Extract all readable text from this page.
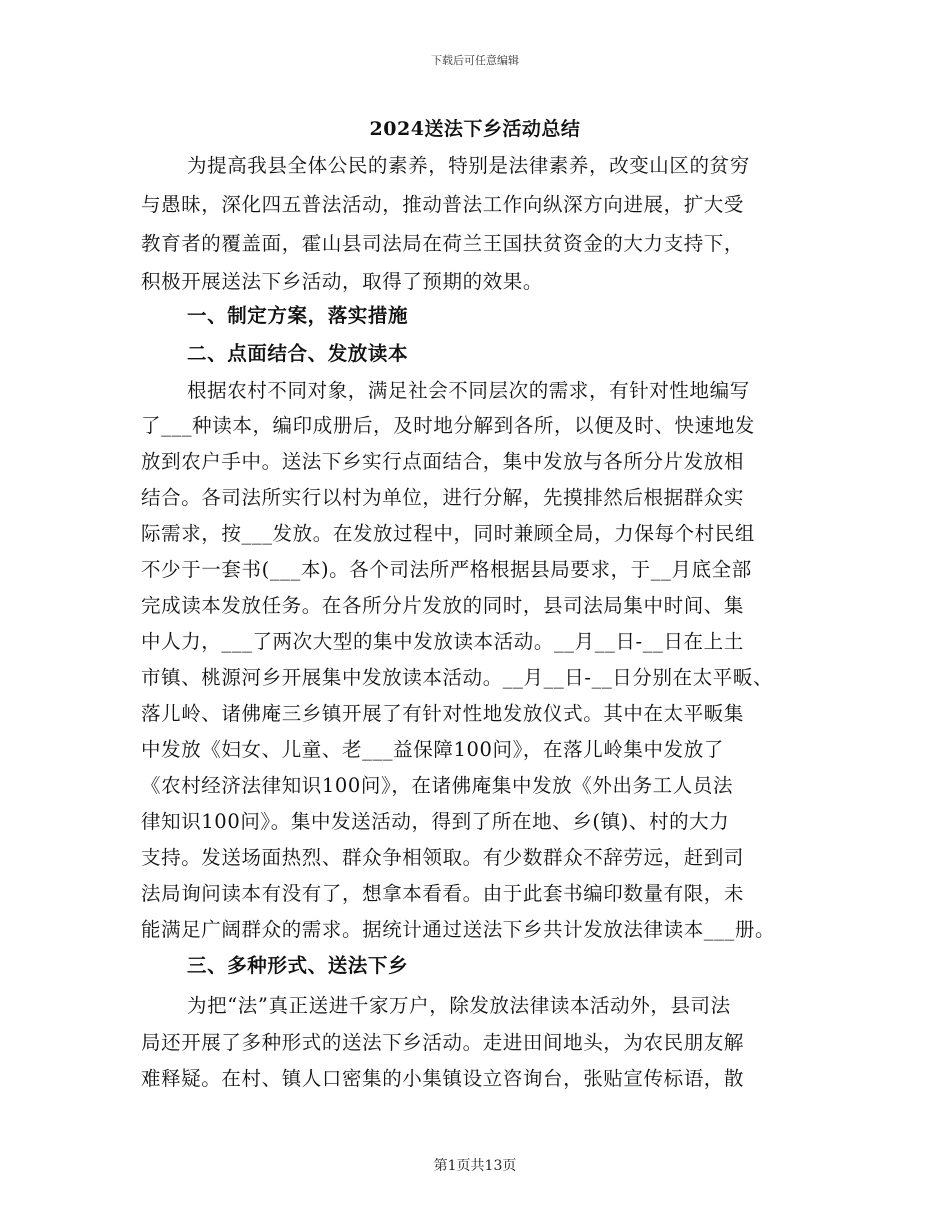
下载后可任意编辑
2024送法下乡活动总结
为提高我县全体公民的素养，特别是法律素养，改变山区的贫穷
与愚昧，深化四五普法活动，推动普法工作向纵深方向进展，扩大受
教育者的覆盖面，霍山县司法局在荷兰王国扶贫资金的大力支持下，
积极开展送法下乡活动，取得了预期的效果。
一、制定方案，落实措施
二、点面结合、发放读本
根据农村不同对象，满足社会不同层次的需求，有针对性地编写
了___种读本，编印成册后，及时地分解到各所，以便及时、快速地发
放到农户手中。送法下乡实行点面结合，集中发放与各所分片发放相
结合。各司法所实行以村为单位，进行分解，先摸排然后根据群众实
际需求，按___发放。在发放过程中，同时兼顾全局，力保每个村民组
不少于一套书(___本)。各个司法所严格根据县局要求，于__月底全部
完成读本发放任务。在各所分片发放的同时，县司法局集中时间、集
中人力，___了两次大型的集中发放读本活动。__月__日-__日在上土
市镇、桃源河乡开展集中发放读本活动。__月__日-__日分别在太平畈、
落儿岭、诸佛庵三乡镇开展了有针对性地发放仪式。其中在太平畈集
中发放《妇女、儿童、老___益保障100问》，在落儿岭集中发放了
《农村经济法律知识100问》，在诸佛庵集中发放《外出务工人员法
律知识100问》。集中发送活动，得到了所在地、乡(镇)、村的大力
支持。发送场面热烈、群众争相领取。有少数群众不辞劳远，赶到司
法局询问读本有没有了，想拿本看看。由于此套书编印数量有限，未
能满足广阔群众的需求。据统计通过送法下乡共计发放法律读本___册。
三、多种形式、送法下乡
为把“法”真正送进千家万户，除发放法律读本活动外，县司法
局还开展了多种形式的送法下乡活动。走进田间地头，为农民朋友解
难释疑。在村、镇人口密集的小集镇设立咨询台，张贴宣传标语，散
第1页共13页
